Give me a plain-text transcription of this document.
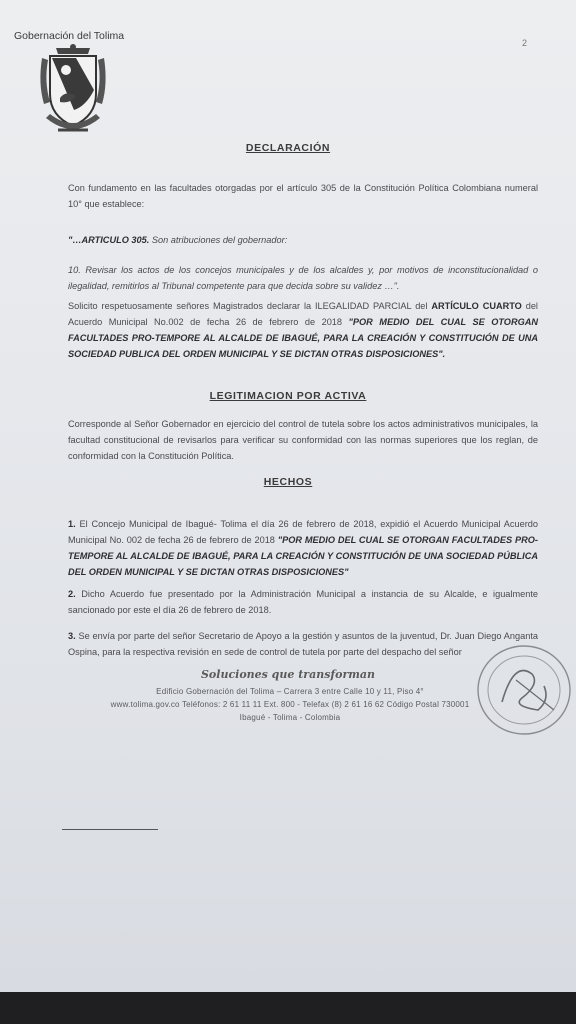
Gobernación del Tolima
2
DECLARACIÓN
Con fundamento en las facultades otorgadas por el artículo 305 de la Constitución Política Colombiana numeral 10° que establece:
"…ARTICULO 305. Son atribuciones del gobernador:
10. Revisar los actos de los concejos municipales y de los alcaldes y, por motivos de inconstitucionalidad o ilegalidad, remitirlos al Tribunal competente para que decida sobre su validez …".
Solicito respetuosamente señores Magistrados declarar la ILEGALIDAD PARCIAL del ARTÍCULO CUARTO del Acuerdo Municipal No.002 de fecha 26 de febrero de 2018 "POR MEDIO DEL CUAL SE OTORGAN FACULTADES PRO-TEMPORE AL ALCALDE DE IBAGUÉ, PARA LA CREACIÓN Y CONSTITUCIÓN DE UNA SOCIEDAD PUBLICA DEL ORDEN MUNICIPAL Y SE DICTAN OTRAS DISPOSICIONES".
LEGITIMACION POR ACTIVA
Corresponde al Señor Gobernador en ejercicio del control de tutela sobre los actos administrativos municipales, la facultad constitucional de revisarlos para verificar su conformidad con las normas superiores que los reglan, de conformidad con la Constitución Política.
HECHOS
1. El Concejo Municipal de Ibagué- Tolima el día 26 de febrero de 2018, expidió el Acuerdo Municipal Acuerdo Municipal No. 002 de fecha 26 de febrero de 2018 "POR MEDIO DEL CUAL SE OTORGAN FACULTADES PRO-TEMPORE AL ALCALDE DE IBAGUÉ, PARA LA CREACIÓN Y CONSTITUCIÓN DE UNA SOCIEDAD PÚBLICA DEL ORDEN MUNICIPAL Y SE DICTAN OTRAS DISPOSICIONES"
2. Dicho Acuerdo fue presentado por la Administración Municipal a instancia de su Alcalde, e igualmente sancionado por este el día 26 de febrero de 2018.
3. Se envía por parte del señor Secretario de Apoyo a la gestión y asuntos de la juventud, Dr. Juan Diego Anganta Ospina, para la respectiva revisión en sede de control de tutela por parte del despacho del señor
Soluciones que transforman
Edificio Gobernación del Tolima – Carrera 3 entre Calle 10 y 11, Piso 4°
www.tolima.gov.co Teléfonos: 2 61 11 11 Ext. 800 - Telefax (8) 2 61 16 62 Código Postal 730001
Ibagué - Tolima - Colombia
